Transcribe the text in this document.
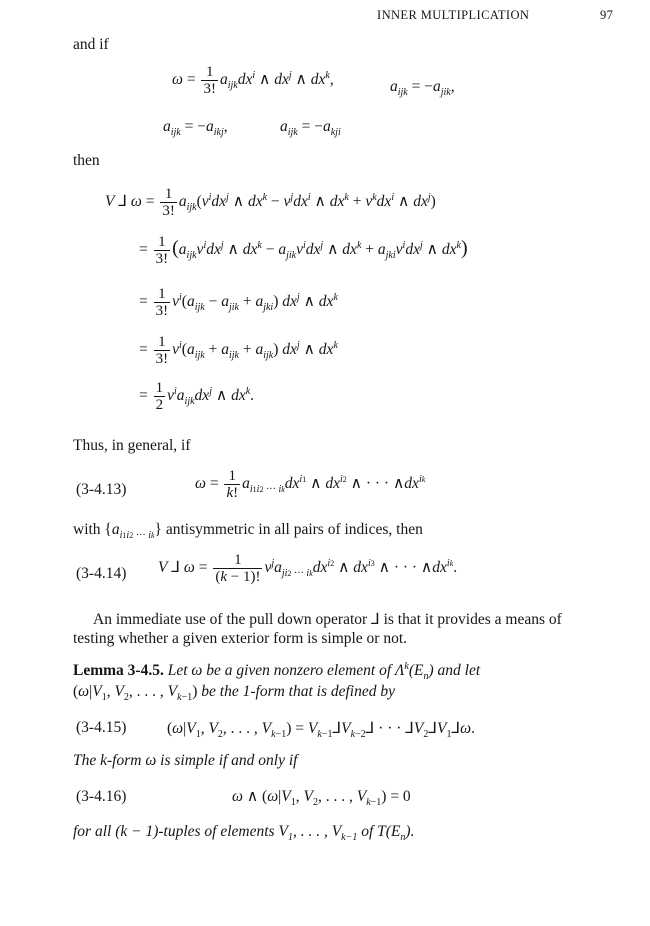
INNER MULTIPLICATION	97
and if
$\omega = \frac{1}{3!} a_{ijk}dx^i$ ∧ $dx^j$ ∧ $dx^k$,	$a_{ijk} = -a_{jik}$,
$a_{ijk} = -a_{ikj}$,	$a_{ijk} = -a_{kji}$
then
V ⅃ $\omega = \frac{1}{3!} a_{ijk}(v^idx^j$ ∧ $dx^k - v^jdx^i$ ∧ $dx^k + v^kdx^i$ ∧ $dx^j$)
= $\frac{1}{3!} (a_{ijk}v^idx^j$ ∧ $dx^k - a_{jik}v^idx^j$ ∧ $dx^k + a_{jki}v^idx^j$ ∧ $dx^k$)
= $\frac{1}{3!} v^i(a_{ijk} - a_{jik} + a_{jki})$ $dx^j$ ∧ $dx^k$
= $\frac{1}{3!} v^i(a_{ijk} + a_{ijk} + a_{ijk})$ $dx^j$ ∧ $dx^k$
= $\frac{1}{2} v^ia_{ijk}dx^j$ ∧ $dx^k$.
Thus, in general, if
(3-4.13)	$\omega = \frac{1}{k!} a_{i1i2 \cdot\cdot\cdot ik}dx^{i1}$ ∧ $dx^{i2}$ ∧ · · · $\wedge dx^{ik}$
with $\{a_{i1i2 \cdot\cdot\cdot ik}\}$ antisymmetric in all pairs of indices, then
(3-4.14) V ⅃ $\omega = \frac{1}{(k - 1)!} v^ja_{ji2 \cdot\cdot\cdot ik}dx^{i2}$ ∧ $dx^{i3}$ ∧ · · · $\wedge dx^{ik}$.
An immediate use of the pull down operator ⅃ is that it provides a means of
testing whether a given exterior form is simple or not.
Lemma 3-4.5. Let ω be a given nonzero element of $\Lambda^k(E_n)$ and let
($\omega|V_1$, $V_2$, . . . , $V_{k-1}$) be the 1-form that is defined by
(3-4.15)	($\omega|V_1$, $V_2$, . . . , $V_{k-1}$) = $V_{k-1}⅃V_{k-2}⅃$ · · · $⅃V_2⅃V_1⅃\omega$.
The k-form ω is simple if and only if
(3-4.16)	ω ∧ ($\omega|V_1$, $V_2$, . . . , $V_{k-1}) = 0$
for all (k − 1)-tuples of elements $V_1$, . . . , $V_{k-1}$ of $T(E_n)$.
